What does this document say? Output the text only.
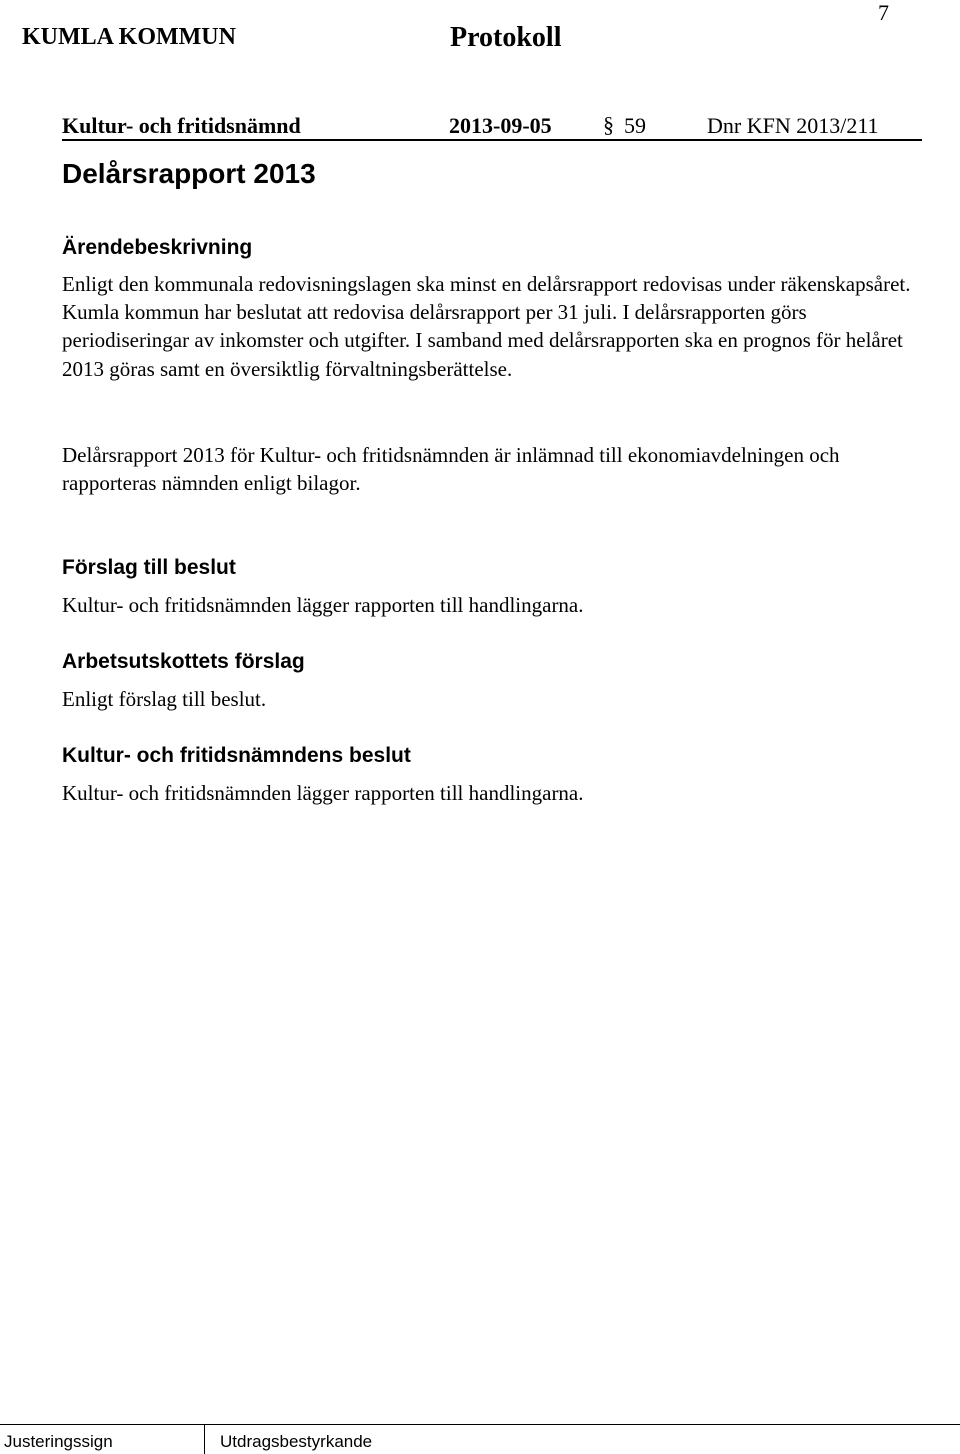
KUMLA KOMMUN	Protokoll
7
Kultur- och fritidsnämnd	2013-09-05 § 59	Dnr KFN 2013/211
Delårsrapport 2013
Ärendebeskrivning

Enligt den kommunala redovisningslagen ska minst en delårsrapport redovisas under räkenskapsåret. Kumla kommun har beslutat att redovisa delårsrapport per 31 juli. I delårsrapporten görs periodiseringar av inkomster och utgifter. I samband med delårsrapporten ska en prognos för helåret 2013 göras samt en översiktlig förvaltningsberättelse.

Delårsrapport 2013 för Kultur- och fritidsnämnden är inlämnad till ekonomiavdelningen och rapporteras nämnden enligt bilagor.

Förslag till beslut

Kultur- och fritidsnämnden lägger rapporten till handlingarna.

Arbetsutskottets förslag

Enligt förslag till beslut.

Kultur- och fritidsnämndens beslut

Kultur- och fritidsnämnden lägger rapporten till handlingarna.

Justeringssign	Utdragsbestyrkande
